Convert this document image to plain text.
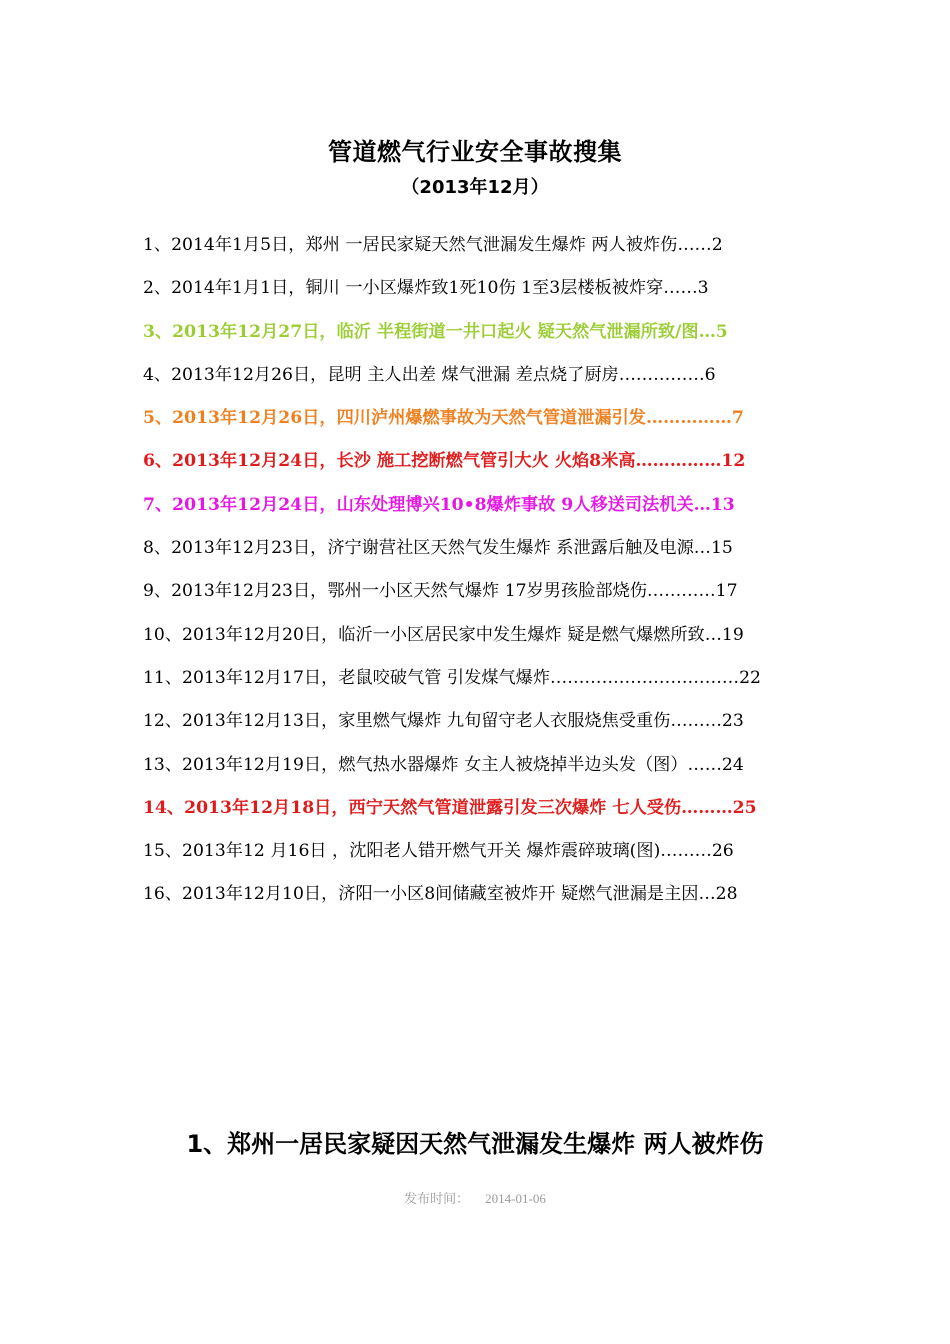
管道燃气行业安全事故搜集
（2013年12月）
1、2014年1月5日，郑州 一居民家疑天然气泄漏发生爆炸 两人被炸伤……2
2、2014年1月1日，铜川 一小区爆炸致1死10伤 1至3层楼板被炸穿……3
3、2013年12月27日，临沂 半程街道一井口起火 疑天然气泄漏所致/图…5
4、2013年12月26日，昆明 主人出差 煤气泄漏 差点烧了厨房……………6
5、2013年12月26日，四川泸州爆燃事故为天然气管道泄漏引发……………7
6、2013年12月24日，长沙 施工挖断燃气管引大火 火焰8米高……………12
7、2013年12月24日，山东处理博兴10•8爆炸事故 9人移送司法机关…13
8、2013年12月23日，济宁谢营社区天然气发生爆炸 系泄露后触及电源…15
9、2013年12月23日，鄂州一小区天然气爆炸 17岁男孩脸部烧伤…………17
10、2013年12月20日，临沂一小区居民家中发生爆炸 疑是燃气爆燃所致…19
11、2013年12月17日，老鼠咬破气管 引发煤气爆炸……………………………22
12、2013年12月13日，家里燃气爆炸 九旬留守老人衣服烧焦受重伤………23
13、2013年12月19日，燃气热水器爆炸 女主人被烧掉半边头发（图）……24
14、2013年12月18日，西宁天然气管道泄露引发三次爆炸 七人受伤………25
15、2013年12 月16日 ，沈阳老人错开燃气开关 爆炸震碎玻璃(图)………26
16、2013年12月10日，济阳一小区8间储藏室被炸开 疑燃气泄漏是主因…28
1、郑州一居民家疑因天然气泄漏发生爆炸 两人被炸伤
发布时间： 2014-01-06
